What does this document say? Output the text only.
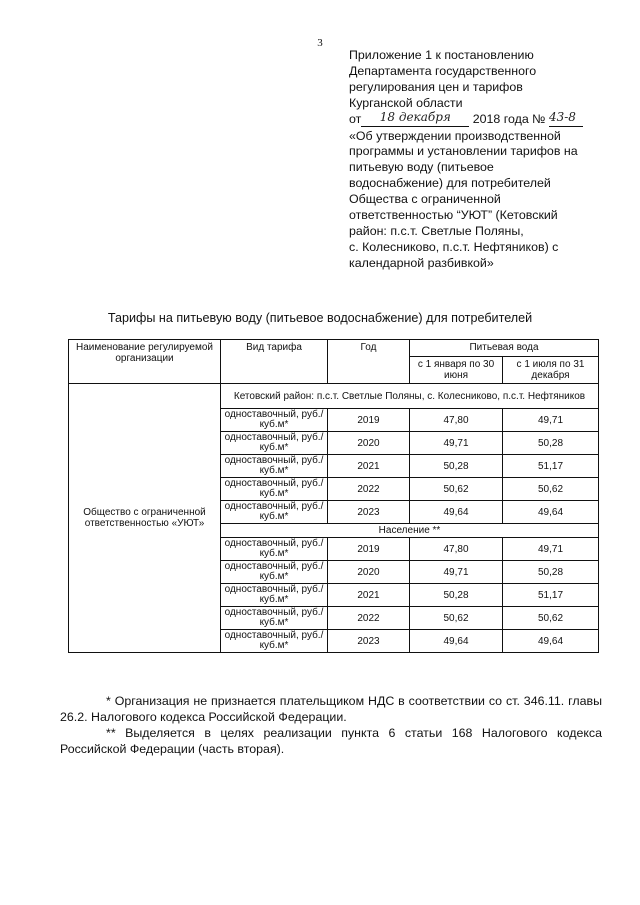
3
Приложение 1 к постановлению
Департамента государственного
регулирования цен и тарифов
Курганской области
от 18 декабря 2018 года № 43-8
«Об утверждении производственной
программы и установлении тарифов на
питьевую воду (питьевое
водоснабжение) для потребителей
Общества с ограниченной
ответственностью “УЮТ” (Кетовский
район: п.с.т. Светлые Поляны,
с. Колесниково, п.с.т. Нефтяников) с
календарной разбивкой»
Тарифы на питьевую воду (питьевое водоснабжение) для потребителей
Наименование регулируемой организации	Вид тарифа	Год	Питьевая вода	
			с 1 января по 30 июня	с 1 июля по 31 декабря
Общество с ограниченной ответственностью «УЮТ»	Кетовский район: п.с.т. Светлые Поляны, с. Колесниково, п.с.т. Нефтяников			
	одноставочный, руб./куб.м*	2019	47,80	49,71
	одноставочный, руб./куб.м*	2020	49,71	50,28
	одноставочный, руб./куб.м*	2021	50,28	51,17
	одноставочный, руб./куб.м*	2022	50,62	50,62
	одноставочный, руб./куб.м*	2023	49,64	49,64
	Население **			
	одноставочный, руб./куб.м*	2019	47,80	49,71
	одноставочный, руб./куб.м*	2020	49,71	50,28
	одноставочный, руб./куб.м*	2021	50,28	51,17
	одноставочный, руб./куб.м*	2022	50,62	50,62
	одноставочный, руб./куб.м*	2023	49,64	49,64
* Организация не признается плательщиком НДС в соответствии со ст. 346.11. главы 26.2. Налогового кодекса Российской Федерации.
** Выделяется в целях реализации пункта 6 статьи 168 Налогового кодекса Российской Федерации (часть вторая).
